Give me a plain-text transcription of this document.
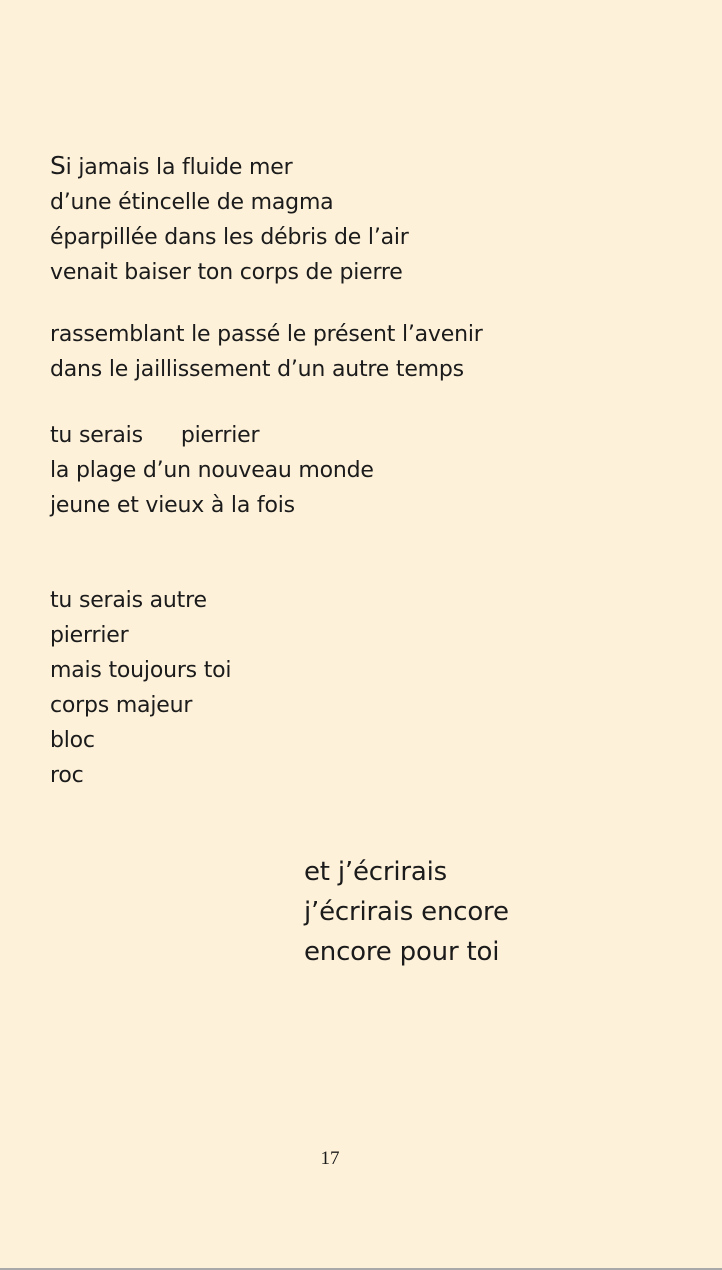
Si jamais la fluide mer
d’une étincelle de magma
éparpillée dans les débris de l’air
venait baiser ton corps de pierre
rassemblant le passé le présent l’avenir
dans le jaillissement d’un autre temps
tu serais pierrier
la plage d’un nouveau monde
jeune et vieux à la fois
tu serais autre
pierrier
mais toujours toi
corps majeur
bloc
roc
et j’écrirais
j’écrirais encore
encore pour toi
17
